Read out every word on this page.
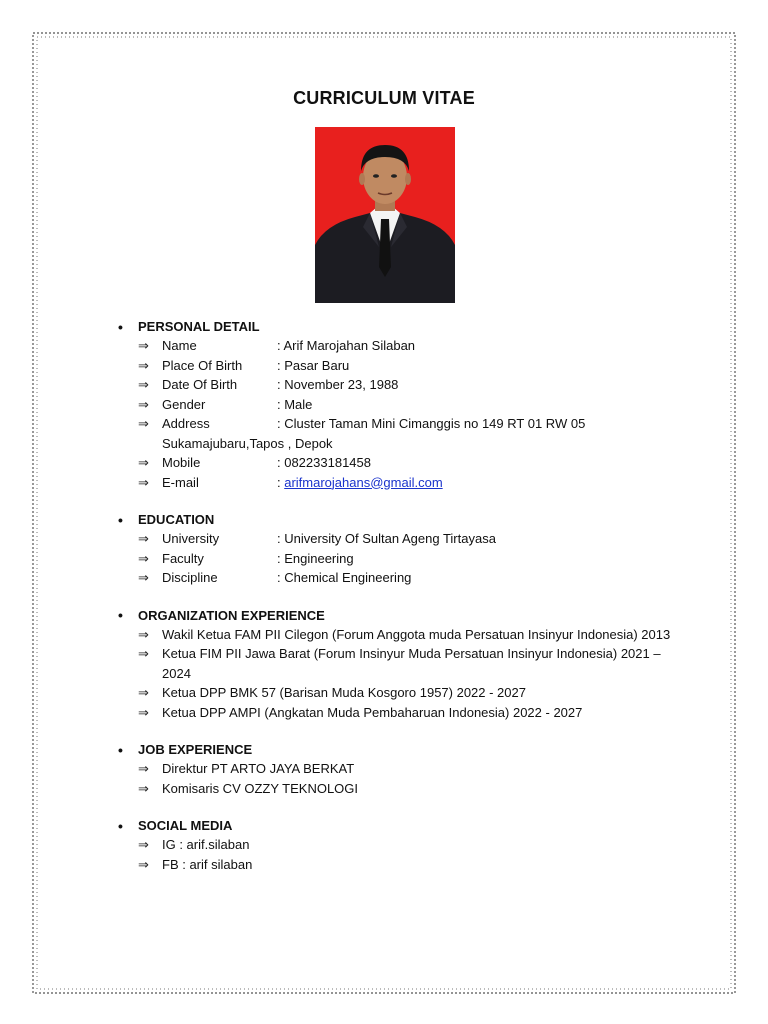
CURRICULUM VITAE
•	PERSONAL DETAIL
⇒	Name	: Arif Marojahan Silaban
⇒	Place Of Birth	: Pasar Baru
⇒	Date Of Birth	: November 23, 1988
⇒	Gender	: Male
⇒	Address	: Cluster Taman Mini Cimanggis no 149 RT 01 RW 05
Sukamajubaru,Tapos , Depok
⇒	Mobile	: 082233181458
⇒	E-mail	: arifmarojahans@gmail.com
•	EDUCATION
⇒	University	: University Of Sultan Ageng Tirtayasa
⇒	Faculty	: Engineering
⇒	Discipline	: Chemical Engineering
•	ORGANIZATION EXPERIENCE
⇒	Wakil Ketua FAM PII Cilegon (Forum Anggota muda Persatuan Insinyur Indonesia) 2013
⇒	Ketua FIM PII Jawa Barat (Forum Insinyur Muda Persatuan Insinyur Indonesia) 2021 –
2024
⇒	Ketua DPP BMK 57 (Barisan Muda Kosgoro 1957) 2022 - 2027
⇒	Ketua DPP AMPI (Angkatan Muda Pembaharuan Indonesia) 2022 - 2027
•	JOB EXPERIENCE
⇒	Direktur PT ARTO JAYA BERKAT
⇒	Komisaris CV OZZY TEKNOLOGI
•	SOCIAL MEDIA
⇒	IG : arif.silaban
⇒	FB : arif silaban
